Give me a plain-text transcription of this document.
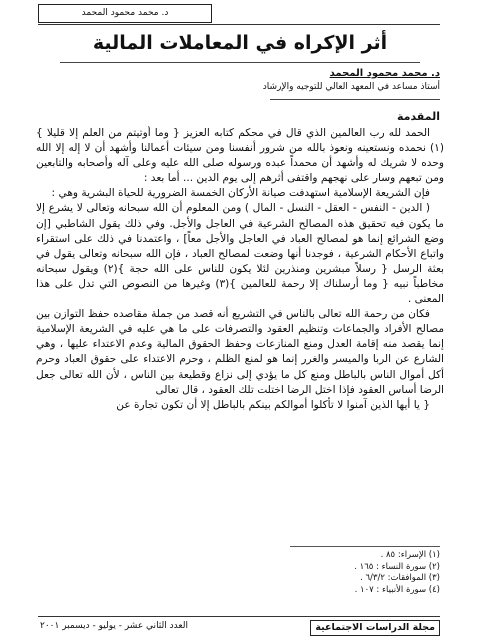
د. محمد محمود المحمد
أثر الإكراه في المعاملات المالية
د. محمد محمود المحمد
أستاذ مساعد في المعهد العالي للتوجيه والإرشاد
المقدمة

الحمد لله رب العالمين الذي قال في محكم كتابه العزيز { وما أوتيتم من العلم إلا قليلا }(١) نحمده ونستعينه ونعوذ بالله من شرور أنفسنا ومن سيئات أعمالنا وأشهد أن لا إله إلا الله وحده لا شريك له وأشهد أن محمداً عبده ورسوله صلى الله عليه وعلى آله وأصحابه والتابعين ومن تبعهم وسار على نهجهم واقتفى أثرهم إلى يوم الدين ... أما بعد :

فإن الشريعة الإسلامية استهدفت صيانة الأركان الخمسة الضرورية للحياة البشرية وهي :

( الدين - النفس - العقل - النسل - المال ) ومن المعلوم أن الله سبحانه وتعالى لا يشرع إلا ما يكون فيه تحقيق هذه المصالح الشرعية في العاجل والأجل. وفي ذلك يقول الشاطبي [إن وضع الشرائع إنما هو لمصالح العباد في العاجل والأجل معاً] ، واعتمدنا في ذلك على استقراء واتباع الأحكام الشرعية ، فوجدنا أنها وضعت لمصالح العباد ، فإن الله سبحانه وتعالى يقول في بعثة الرسل { رسلاً مبشرين ومنذرين لئلا يكون للناس على الله حجة }(٢) ويقول سبحانه مخاطباً نبيه { وما أرسلناك إلا رحمة للعالمين }(٣) وغيرها من النصوص التي تدل على هذا المعنى .

فكان من رحمة الله تعالى بالناس في التشريع أنه قصد من جملة مقاصده حفظ التوازن بين مصالح الأفراد والجماعات وتنظيم العقود والتصرفات على ما هي عليه في الشريعة الإسلامية إنما يقصد منه إقامة العدل ومنع المنازعات وحفظ الحقوق المالية وعدم الاعتداء عليها ، وهي الشارع عن الربا والميسر والغرر إنما هو لمنع الظلم ، وحرم الاعتداء على حقوق العباد وحرم أكل أموال الناس بالباطل ومنع كل ما يؤدي إلى نزاع وقطيعة بين الناس ، لأن الله تعالى جعل الرضا أساس العقود فإذا اختل الرضا اختلت تلك العقود ، قال تعالى

{ يا أيها الذين آمنوا لا تأكلوا أموالكم بينكم بالباطل إلا أن تكون تجارة عن

(١) الإسراء: ٨٥ .
(٢) سورة النساء : ١٦٥ .
(٣) الموافقات: ٦/٣/٢ .
(٤) سورة الأنبياء : ١٠٧ .
مجلة الدراسات الاجتماعية
العدد الثاني عشر - يوليو - ديسمبر ٢٠٠١
